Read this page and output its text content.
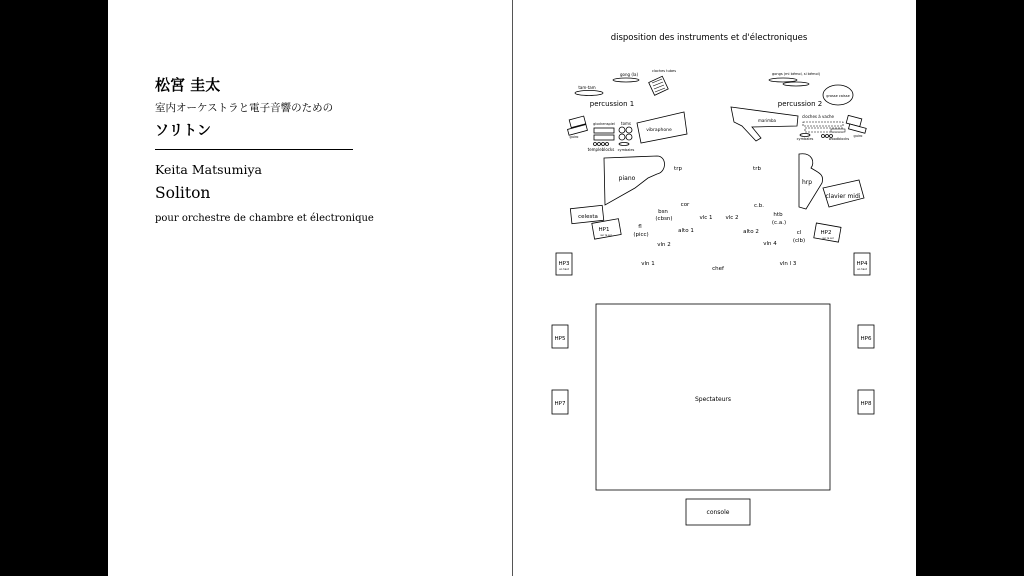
松宮 圭太
室内オーケストラと電子音響のための
ソリトン
Keita Matsumiya
Soliton
pour orchestre de chambre et électronique
disposition des instruments et d'électroniques
tam-tam
gong (la)
cloches tubes
percussion 1
guiro
glockenspiel toms
vibraphone
templeblocks cymbales
gongs (mi bémol, si bémol)
grosse caisse
percussion 2
marimba
cloches à vache
cymbales	woodblocks
guiro
piano
hrp
clavier midi
celesta
HP1
sur le sol	HP2
sur le sol
HP3
en haut
HP4
en haut
trp	trb
cor
bsn
(cbsn)
c.b.
htb
(c.a.)
vlc 1 vlc 2
fl
(picc)
alto 1	alto 2	cl
(clb)
vln 2	vln 4
vln 1	vln l 3
chef
Spectateurs
HP5	HP6
HP7	HP8
console
